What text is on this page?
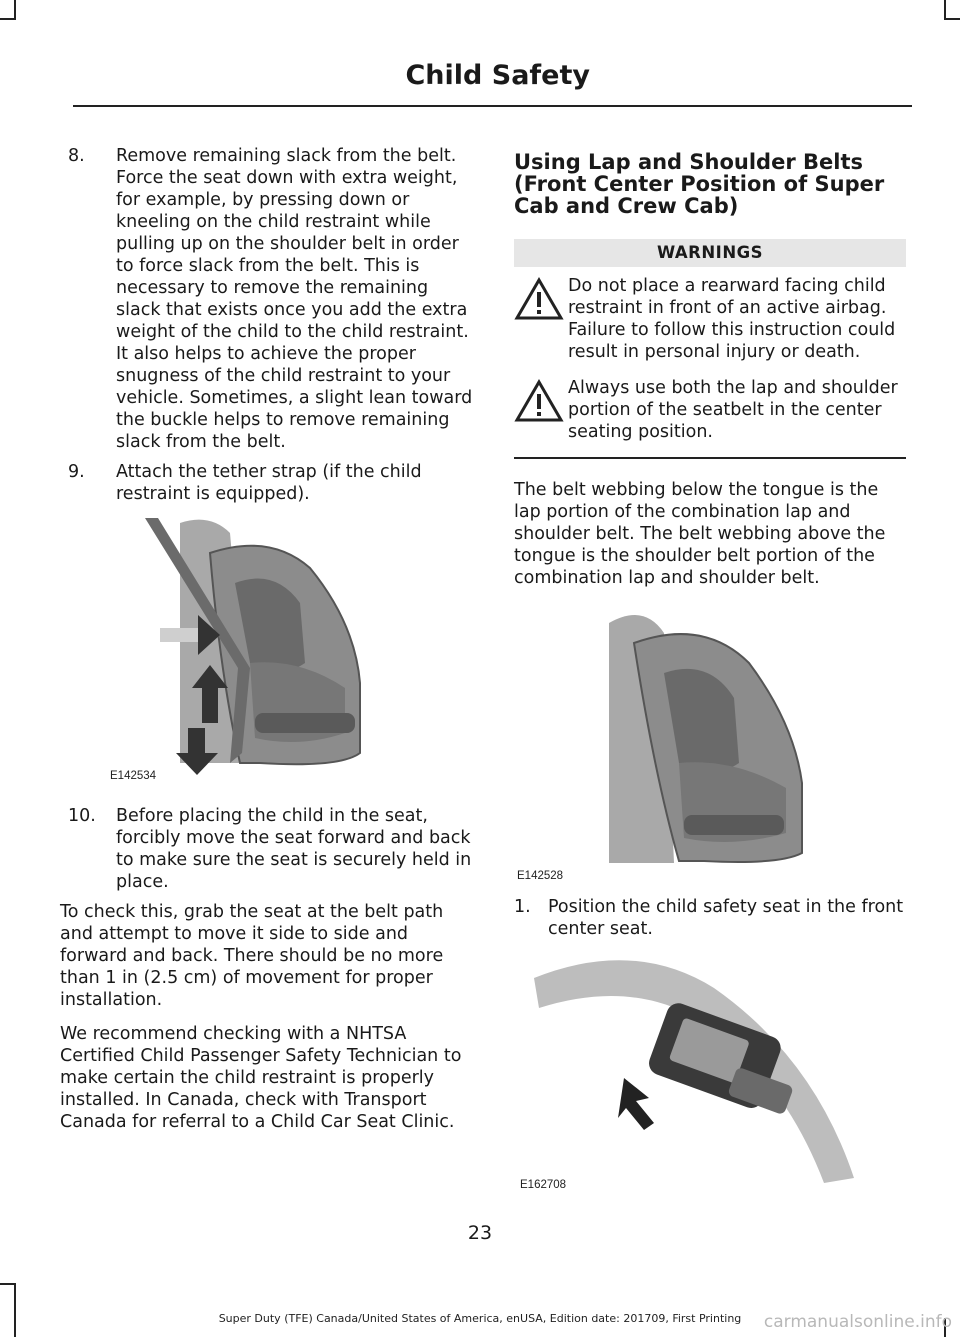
Child Safety
8. Remove remaining slack from the belt. Force the seat down with extra weight, for example, by pressing down or kneeling on the child restraint while pulling up on the shoulder belt in order to force slack from the belt. This is necessary to remove the remaining slack that exists once you add the extra weight of the child to the child restraint. It also helps to achieve the proper snugness of the child restraint to your vehicle. Sometimes, a slight lean toward the buckle helps to remove remaining slack from the belt.
9. Attach the tether strap (if the child restraint is equipped).
E142534
10. Before placing the child in the seat, forcibly move the seat forward and back to make sure the seat is securely held in place.

To check this, grab the seat at the belt path and attempt to move it side to side and forward and back. There should be no more than 1 in (2.5 cm) of movement for proper installation.

We recommend checking with a NHTSA Certified Child Passenger Safety Technician to make certain the child restraint is properly installed. In Canada, check with Transport Canada for referral to a Child Car Seat Clinic.

Using Lap and Shoulder Belts (Front Center Position of Super Cab and Crew Cab)
WARNINGS
Do not place a rearward facing child restraint in front of an active airbag. Failure to follow this instruction could result in personal injury or death.
Always use both the lap and shoulder portion of the seatbelt in the center seating position.

The belt webbing below the tongue is the lap portion of the combination lap and shoulder belt. The belt webbing above the tongue is the shoulder belt portion of the combination lap and shoulder belt.

E142528
1. Position the child safety seat in the front center seat.
E162708
23
Super Duty (TFE) Canada/United States of America, enUSA, Edition date: 201709, First Printing	carmanualsonline.info
